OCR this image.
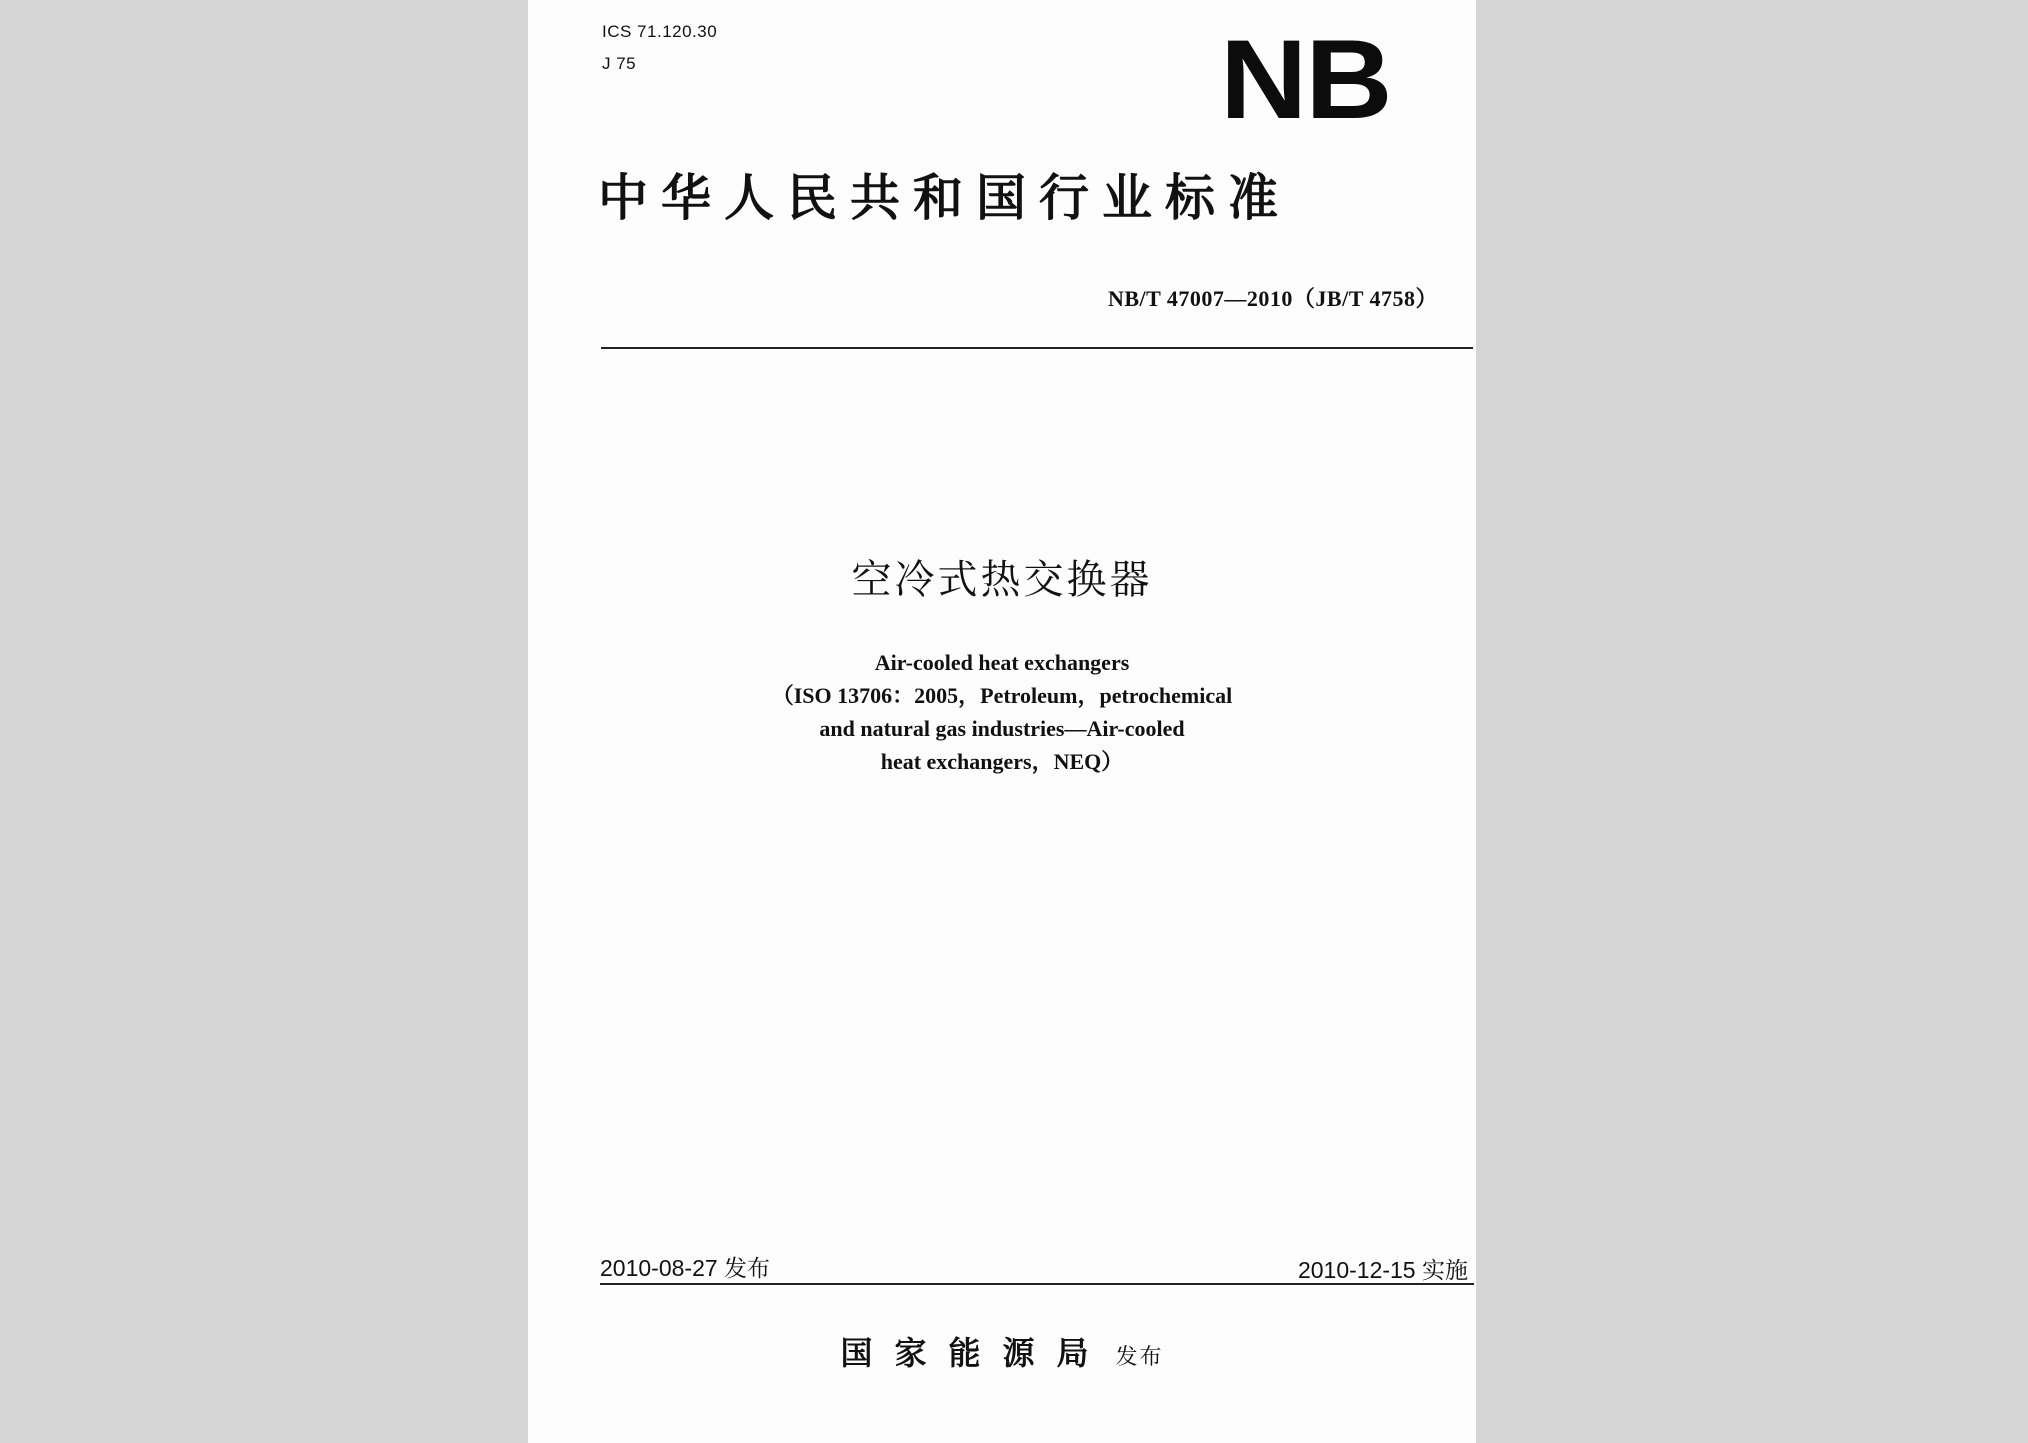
ICS 71.120.30
J 75	NB
中华人民共和国行业标准
NB/T 47007—2010（JB/T 4758）
空冷式热交换器
Air-cooled heat exchangers
（ISO 13706：2005，Petroleum，petrochemical
and natural gas industries—Air-cooled
heat exchangers，NEQ）
2010-08-27 发布	2010-12-15 实施
国家能源局 发布
